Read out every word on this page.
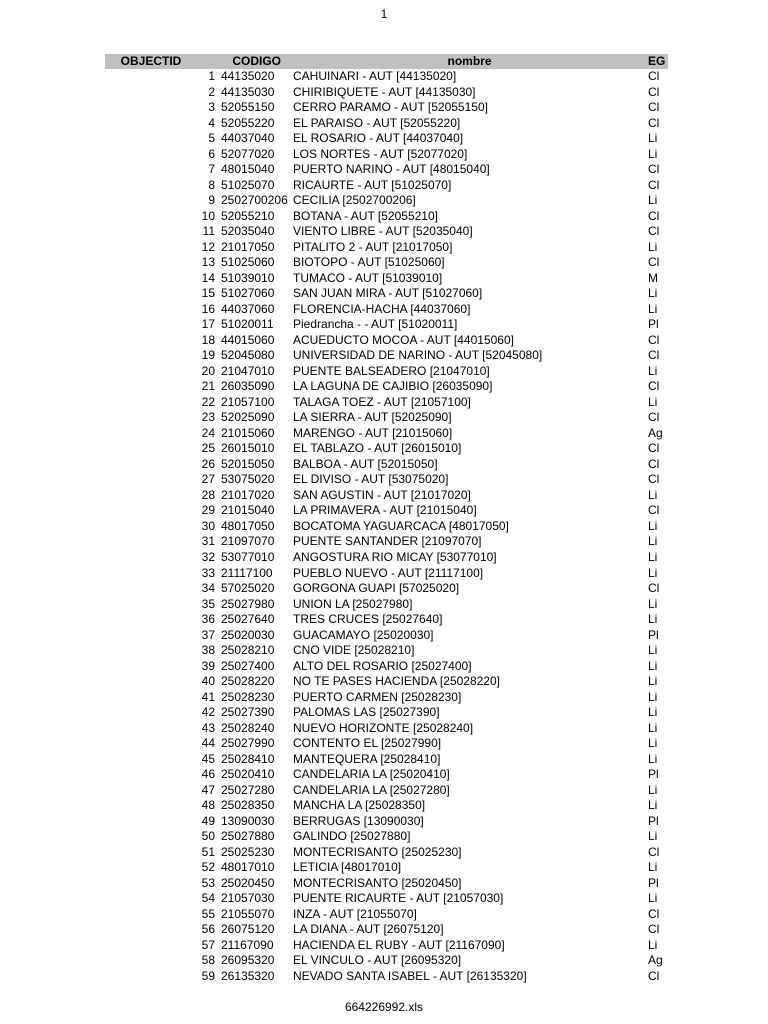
1
OBJECTID	CODIGO	nombre	EG
1 44135020	CAHUINARI - AUT [44135020]	Cl
2 44135030	CHIRIBIQUETE - AUT [44135030]	Cl
3 52055150	CERRO PARAMO - AUT [52055150]	Cl
4 52055220	EL PARAISO - AUT [52055220]	Cl
5 44037040	EL ROSARIO - AUT [44037040]	Li
6 52077020	LOS NORTES - AUT [52077020]	Li
7 48015040	PUERTO NARINO - AUT [48015040]	Cl
8 51025070	RICAURTE - AUT [51025070]	Cl
9 2502700206 CECILIA [2502700206]	Li
10 52055210	BOTANA - AUT [52055210]	Cl
11 52035040	VIENTO LIBRE - AUT [52035040]	Cl
12 21017050	PITALITO 2 - AUT [21017050]	Li
13 51025060	BIOTOPO - AUT [51025060]	Cl
14 51039010	TUMACO - AUT [51039010]	M
15 51027060	SAN JUAN MIRA - AUT [51027060]	Li
16 44037060	FLORENCIA-HACHA [44037060]	Li
17 51020011	Piedrancha - - AUT [51020011]	Pl
18 44015060	ACUEDUCTO MOCOA - AUT [44015060]	Cl
19 52045080	UNIVERSIDAD DE NARINO - AUT [52045080]	Cl
20 21047010	PUENTE BALSEADERO [21047010]	Li
21 26035090	LA LAGUNA DE CAJIBIO [26035090]	Cl
22 21057100	TALAGA TOEZ - AUT [21057100]	Li
23 52025090	LA SIERRA - AUT [52025090]	Cl
24 21015060	MARENGO - AUT [21015060]	Ag
25 26015010	EL TABLAZO - AUT [26015010]	Cl
26 52015050	BALBOA - AUT [52015050]	Cl
27 53075020	EL DIVISO - AUT [53075020]	Cl
28 21017020	SAN AGUSTIN - AUT [21017020]	Li
29 21015040	LA PRIMAVERA - AUT [21015040]	Cl
30 48017050	BOCATOMA YAGUARCACA [48017050]	Li
31 21097070	PUENTE SANTANDER [21097070]	Li
32 53077010	ANGOSTURA RIO MICAY [53077010]	Li
33 21117100	PUEBLO NUEVO - AUT [21117100]	Li
34 57025020	GORGONA GUAPI [57025020]	Cl
35 25027980	UNION LA [25027980]	Li
36 25027640	TRES CRUCES [25027640]	Li
37 25020030	GUACAMAYO [25020030]	Pl
38 25028210	CNO VIDE [25028210]	Li
39 25027400	ALTO DEL ROSARIO [25027400]	Li
40 25028220	NO TE PASES HACIENDA [25028220]	Li
41 25028230	PUERTO CARMEN [25028230]	Li
42 25027390	PALOMAS LAS [25027390]	Li
43 25028240	NUEVO HORIZONTE [25028240]	Li
44 25027990	CONTENTO EL [25027990]	Li
45 25028410	MANTEQUERA [25028410]	Li
46 25020410	CANDELARIA LA [25020410]	Pl
47 25027280	CANDELARIA LA [25027280]	Li
48 25028350	MANCHA LA [25028350]	Li
49 13090030	BERRUGAS [13090030]	Pl
50 25027880	GALINDO [25027880]	Li
51 25025230	MONTECRISANTO [25025230]	Cl
52 48017010	LETICIA [48017010]	Li
53 25020450	MONTECRISANTO [25020450]	Pl
54 21057030	PUENTE RICAURTE - AUT [21057030]	Li
55 21055070	INZA - AUT [21055070]	Cl
56 26075120	LA DIANA - AUT [26075120]	Cl
57 21167090	HACIENDA EL RUBY - AUT [21167090]	Li
58 26095320	EL VINCULO - AUT [26095320]	Ag
59 26135320	NEVADO SANTA ISABEL - AUT [26135320]	Cl
664226992.xls
